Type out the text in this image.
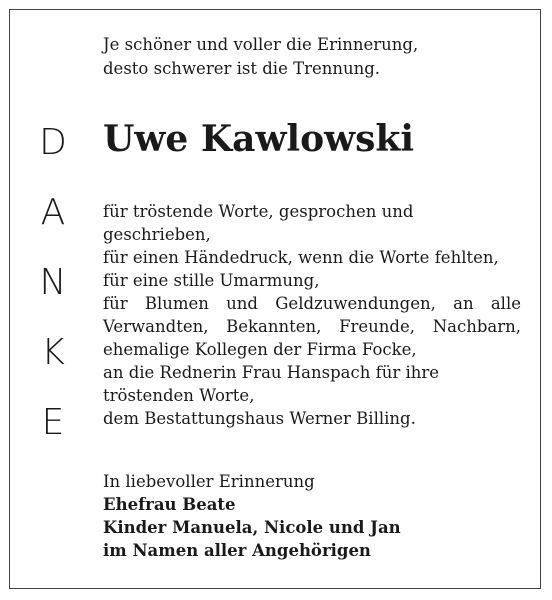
D
A
N
K
E
Je schöner und voller die Erinnerung,
desto schwerer ist die Trennung.
Uwe Kawlowski
für tröstende Worte, gesprochen und
geschrieben,
für einen Händedruck, wenn die Worte fehlten,
für eine stille Umarmung,
für Blumen und Geldzuwendungen, an alle
Verwandten, Bekannten, Freunde, Nachbarn,
ehemalige Kollegen der Firma Focke,
an die Rednerin Frau Hanspach für ihre
tröstenden Worte,
dem Bestattungshaus Werner Billing.
In liebevoller Erinnerung
Ehefrau Beate
Kinder Manuela, Nicole und Jan
im Namen aller Angehörigen
